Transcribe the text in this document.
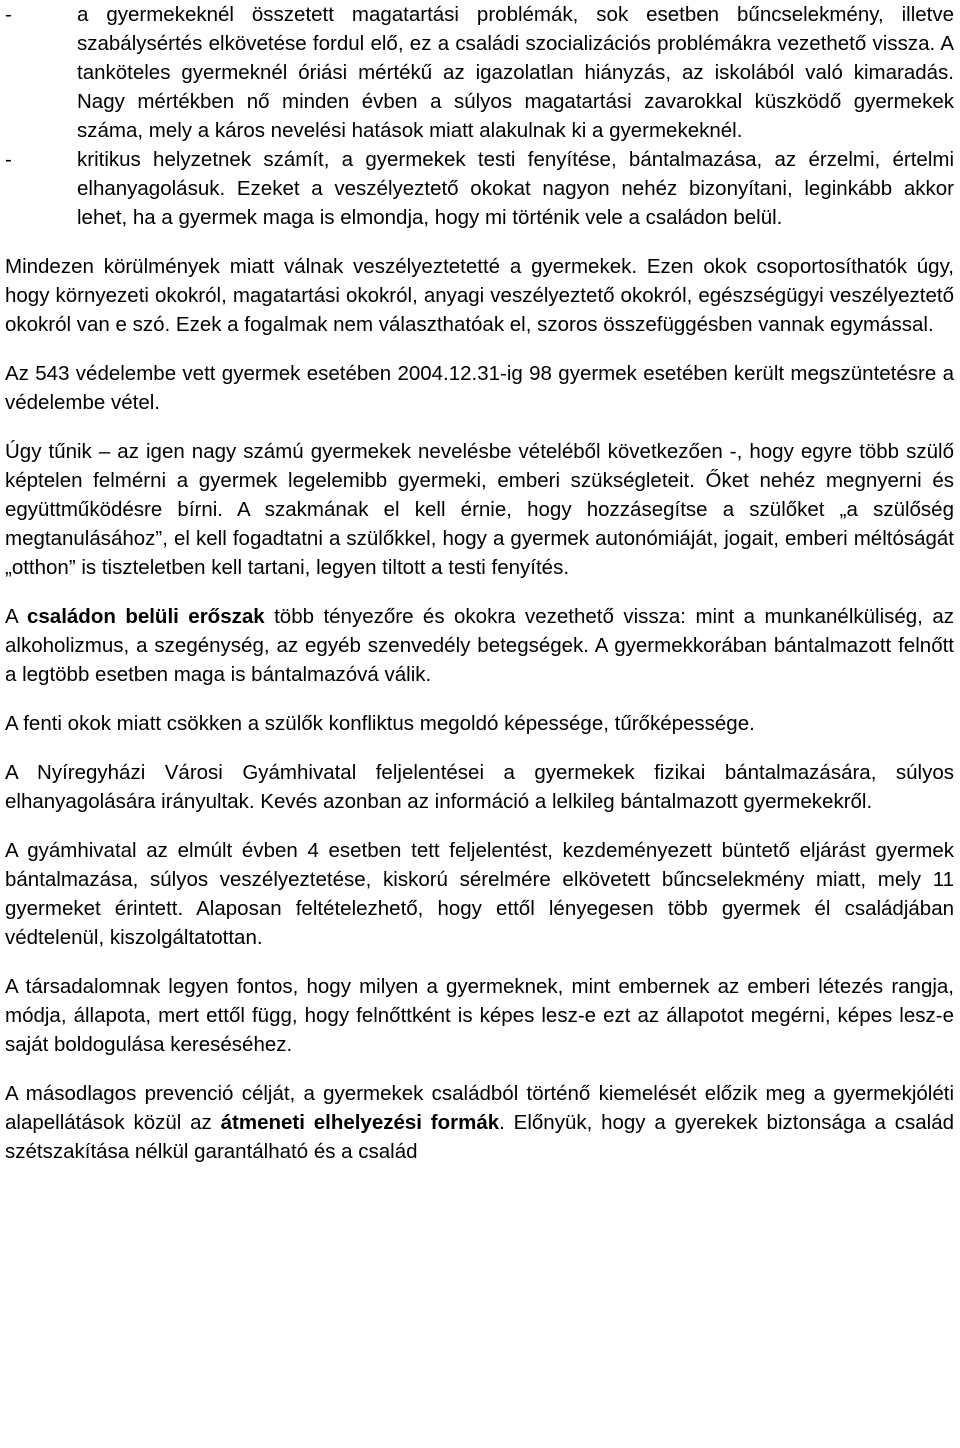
-	a gyermekeknél összetett magatartási problémák, sok esetben bűncselekmény, illetve szabálysértés elkövetése fordul elő, ez a családi szocializációs problémákra vezethető vissza. A tanköteles gyermeknél óriási mértékű az igazolatlan hiányzás, az iskolából való kimaradás. Nagy mértékben nő minden évben a súlyos magatartási zavarokkal küszködő gyermekek száma, mely a káros nevelési hatások miatt alakulnak ki a gyermekeknél.
-	kritikus helyzetnek számít, a gyermekek testi fenyítése, bántalmazása, az érzelmi, értelmi elhanyagolásuk. Ezeket a veszélyeztető okokat nagyon nehéz bizonyítani, leginkább akkor lehet, ha a gyermek maga is elmondja, hogy mi történik vele a családon belül.

Mindezen körülmények miatt válnak veszélyeztetetté a gyermekek. Ezen okok csoportosíthatók úgy, hogy környezeti okokról, magatartási okokról, anyagi veszélyeztető okokról, egészségügyi veszélyeztető okokról van e szó. Ezek a fogalmak nem választhatóak el, szoros összefüggésben vannak egymással.

Az 543 védelembe vett gyermek esetében 2004.12.31-ig 98 gyermek esetében került megszüntetésre a védelembe vétel.

Úgy tűnik – az igen nagy számú gyermekek nevelésbe vételéből következően -, hogy egyre több szülő képtelen felmérni a gyermek legelemibb gyermeki, emberi szükségleteit. Őket nehéz megnyerni és együttműködésre bírni. A szakmának el kell érnie, hogy hozzásegítse a szülőket „a szülőség megtanulásához”, el kell fogadtatni a szülőkkel, hogy a gyermek autonómiáját, jogait, emberi méltóságát „otthon” is tiszteletben kell tartani, legyen tiltott a testi fenyítés.

A családon belüli erőszak több tényezőre és okokra vezethető vissza: mint a munkanélküliség, az alkoholizmus, a szegénység, az egyéb szenvedély betegségek. A gyermekkorában bántalmazott felnőtt a legtöbb esetben maga is bántalmazóvá válik.

A fenti okok miatt csökken a szülők konfliktus megoldó képessége, tűrőképessége.

A Nyíregyházi Városi Gyámhivatal feljelentései a gyermekek fizikai bántalmazására, súlyos elhanyagolására irányultak. Kevés azonban az információ a lelkileg bántalmazott gyermekekről.

A gyámhivatal az elmúlt évben 4 esetben tett feljelentést, kezdeményezett büntető eljárást gyermek bántalmazása, súlyos veszélyeztetése, kiskorú sérelmére elkövetett bűncselekmény miatt, mely 11 gyermeket érintett. Alaposan feltételezhető, hogy ettől lényegesen több gyermek él családjában védtelenül, kiszolgáltatottan.

A társadalomnak legyen fontos, hogy milyen a gyermeknek, mint embernek az emberi létezés rangja, módja, állapota, mert ettől függ, hogy felnőttként is képes lesz-e ezt az állapotot megérni, képes lesz-e saját boldogulása kereséséhez.

A másodlagos prevenció célját, a gyermekek családból történő kiemelését előzik meg a gyermekjóléti alapellátások közül az átmeneti elhelyezési formák. Előnyük, hogy a gyerekek biztonsága a család szétszakítása nélkül garantálható és a család
